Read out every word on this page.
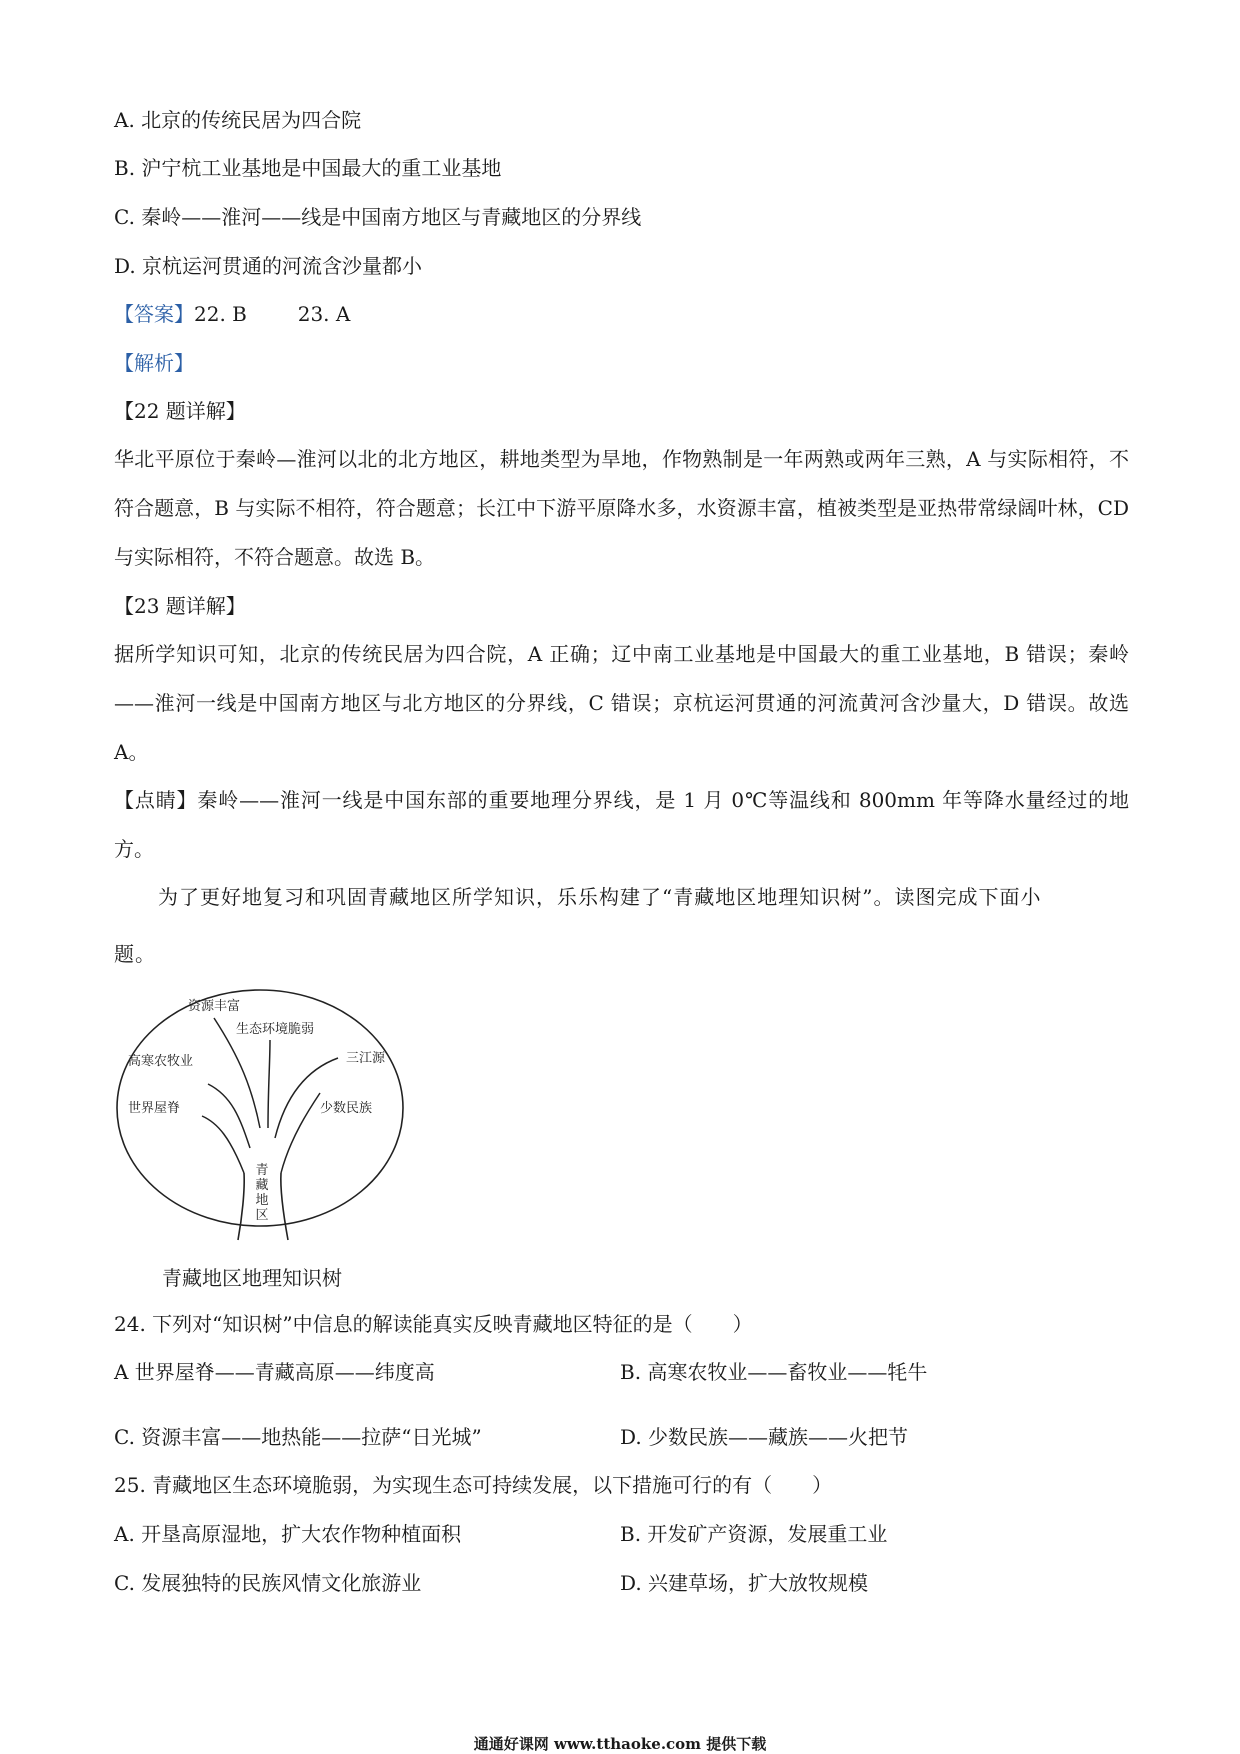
A. 北京的传统民居为四合院
B. 沪宁杭工业基地是中国最大的重工业基地
C. 秦岭——淮河——线是中国南方地区与青藏地区的分界线
D. 京杭运河贯通的河流含沙量都小
【答案】22. B        23. A
【解析】
【22 题详解】
华北平原位于秦岭—淮河以北的北方地区，耕地类型为旱地，作物熟制是一年两熟或两年三熟，A 与实际相符，不符合题意，B 与实际不相符，符合题意；长江中下游平原降水多，水资源丰富，植被类型是亚热带常绿阔叶林，CD 与实际相符，不符合题意。故选 B。
【23 题详解】
据所学知识可知，北京的传统民居为四合院，A 正确；辽中南工业基地是中国最大的重工业基地，B 错误；秦岭——淮河一线是中国南方地区与北方地区的分界线，C 错误；京杭运河贯通的河流黄河含沙量大，D 错误。故选 A。
【点睛】秦岭——淮河一线是中国东部的重要地理分界线，是 1 月 0℃等温线和 800mm 年等降水量经过的地方。
为了更好地复习和巩固青藏地区所学知识，乐乐构建了“青藏地区地理知识树”。读图完成下面小
题。
资源丰富
生态环境脆弱
三江源
高寒农牧业
少数民族
世界屋脊
青藏地区
青藏地区地理知识树
24. 下列对“知识树”中信息的解读能真实反映青藏地区特征的是（　　）
A 世界屋脊——青藏高原——纬度高	B. 高寒农牧业——畜牧业——牦牛
C. 资源丰富——地热能——拉萨“日光城”	D. 少数民族——藏族——火把节
25. 青藏地区生态环境脆弱，为实现生态可持续发展，以下措施可行的有（　　）
A. 开垦高原湿地，扩大农作物种植面积	B. 开发矿产资源，发展重工业
C. 发展独特的民族风情文化旅游业	D. 兴建草场，扩大放牧规模
通通好课网 www.tthaoke.com 提供下载
